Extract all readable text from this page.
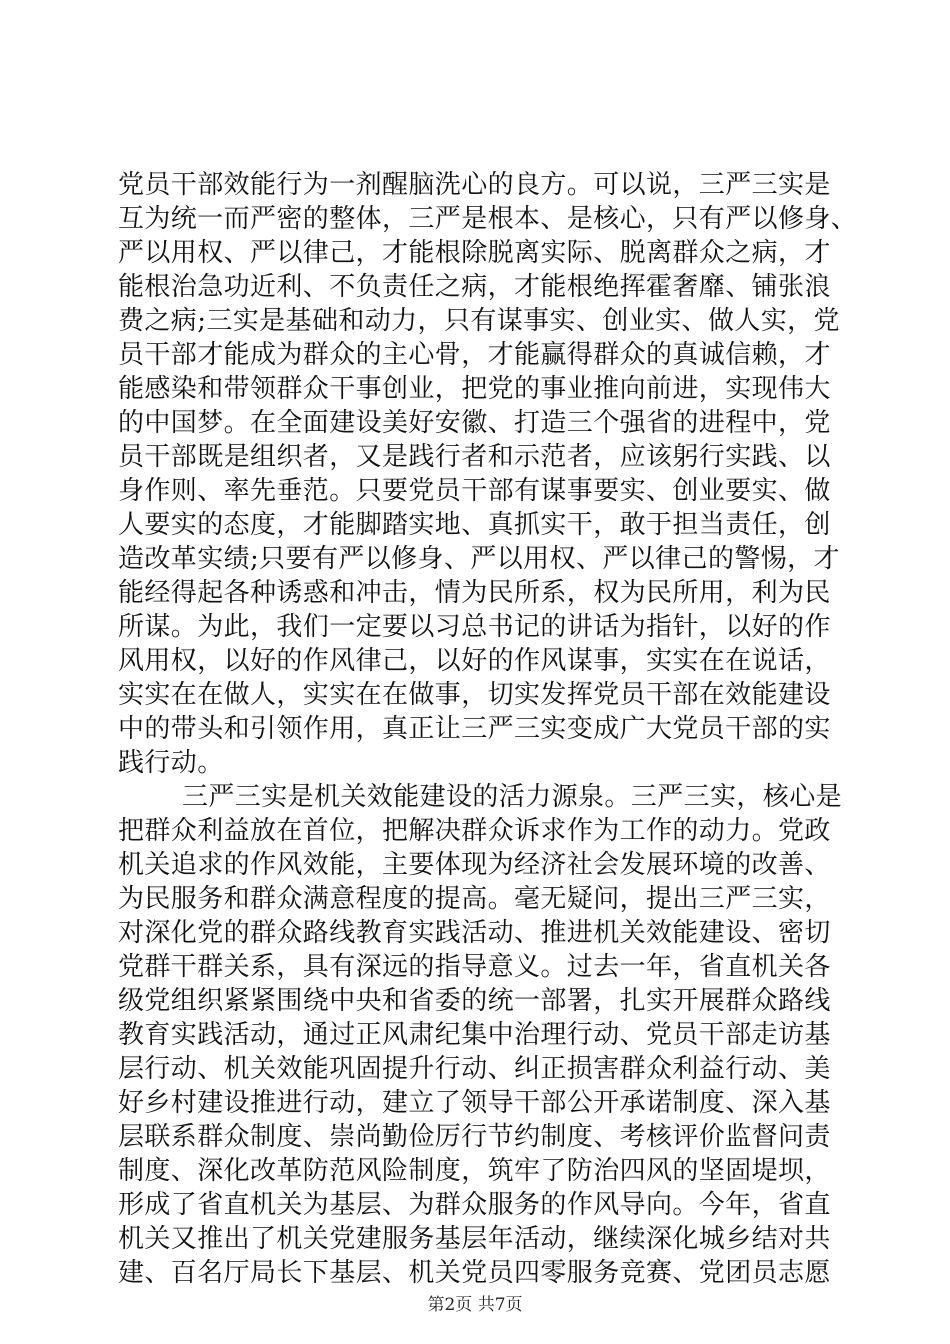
党员干部效能行为一剂醒脑洗心的良方。可以说，三严三实是
互为统一而严密的整体，三严是根本、是核心，只有严以修身、
严以用权、严以律己，才能根除脱离实际、脱离群众之病，才
能根治急功近利、不负责任之病，才能根绝挥霍奢靡、铺张浪
费之病;三实是基础和动力，只有谋事实、创业实、做人实，党
员干部才能成为群众的主心骨，才能赢得群众的真诚信赖，才
能感染和带领群众干事创业，把党的事业推向前进，实现伟大
的中国梦。在全面建设美好安徽、打造三个强省的进程中，党
员干部既是组织者，又是践行者和示范者，应该躬行实践、以
身作则、率先垂范。只要党员干部有谋事要实、创业要实、做
人要实的态度，才能脚踏实地、真抓实干，敢于担当责任，创
造改革实绩;只要有严以修身、严以用权、严以律己的警惕，才
能经得起各种诱惑和冲击，情为民所系，权为民所用，利为民
所谋。为此，我们一定要以习总书记的讲话为指针，以好的作
风用权，以好的作风律己，以好的作风谋事，实实在在说话，
实实在在做人，实实在在做事，切实发挥党员干部在效能建设
中的带头和引领作用，真正让三严三实变成广大党员干部的实
践行动。
三严三实是机关效能建设的活力源泉。三严三实，核心是
把群众利益放在首位，把解决群众诉求作为工作的动力。党政
机关追求的作风效能，主要体现为经济社会发展环境的改善、
为民服务和群众满意程度的提高。毫无疑问，提出三严三实，
对深化党的群众路线教育实践活动、推进机关效能建设、密切
党群干群关系，具有深远的指导意义。过去一年，省直机关各
级党组织紧紧围绕中央和省委的统一部署，扎实开展群众路线
教育实践活动，通过正风肃纪集中治理行动、党员干部走访基
层行动、机关效能巩固提升行动、纠正损害群众利益行动、美
好乡村建设推进行动，建立了领导干部公开承诺制度、深入基
层联系群众制度、崇尚勤俭厉行节约制度、考核评价监督问责
制度、深化改革防范风险制度，筑牢了防治四风的坚固堤坝，
形成了省直机关为基层、为群众服务的作风导向。今年，省直
机关又推出了机关党建服务基层年活动，继续深化城乡结对共
建、百名厅局长下基层、机关党员四零服务竞赛、党团员志愿
第2页 共7页
